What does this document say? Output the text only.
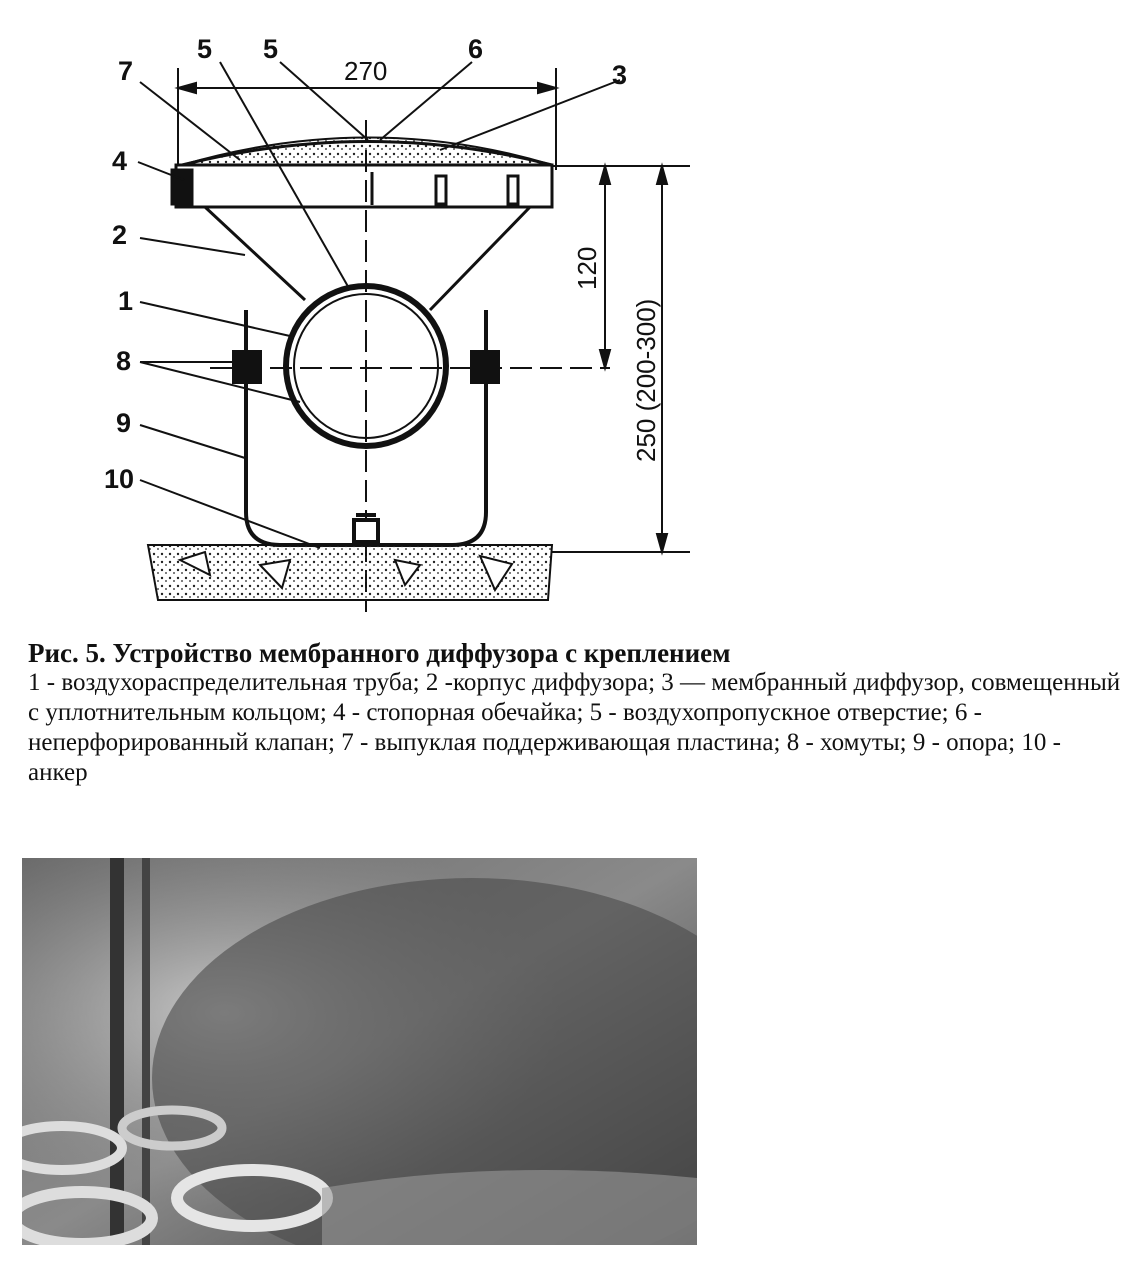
270
120
250 (200-300)
5 5	6
3
7
4
2
1
8
9
10

Рис. 5. Устройство мембранного диффузора с креплением

1 - воздухораспределительная труба; 2 -корпус диффузора; 3 — мембранный диффузор, совмещенный с уплотнительным кольцом; 4 - стопорная обечайка; 5 - воздухопропускное отверстие; 6 - неперфорированный клапан; 7 - выпуклая поддерживающая пластина; 8 - хомуты; 9 - опора; 10 - анкер
